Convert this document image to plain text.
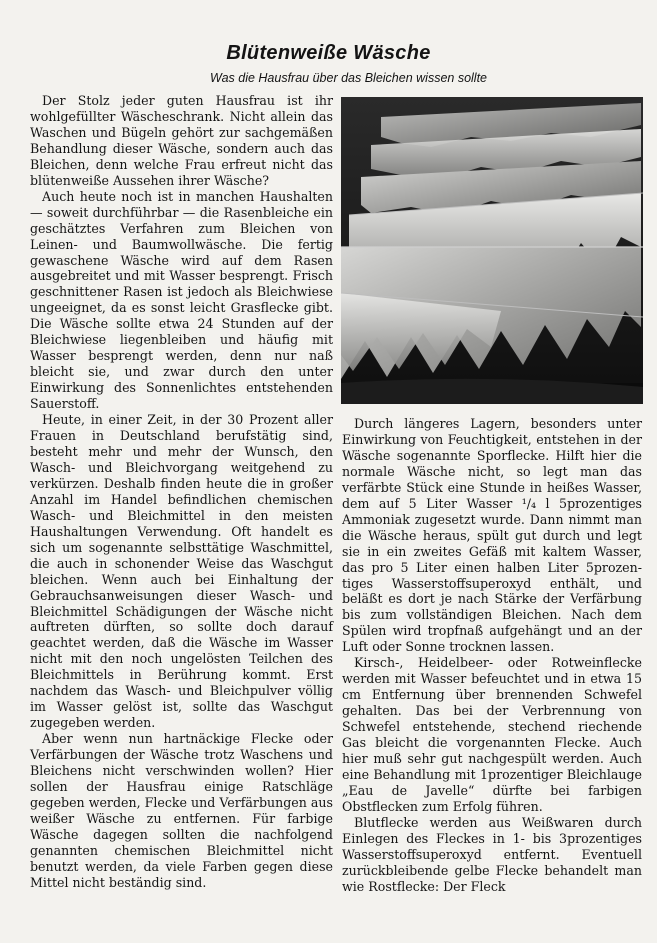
Blütenweiße Wäsche
Was die Hausfrau über das Bleichen wissen sollte

Der Stolz jeder guten Hausfrau ist ihr wohlgefüllter Wäscheschrank. Nicht allein das Waschen und Bügeln gehört zur sachgemäßen Behandlung dieser Wäsche, sondern auch das Bleichen, denn welche Frau erfreut nicht das blütenweiße Aussehen ihrer Wäsche?

Auch heute noch ist in manchen Haushalten — soweit durchführbar — die Rasenbleiche ein geschätztes Verfahren zum Bleichen von Leinen- und Baumwollwäsche. Die fertig gewaschene Wäsche wird auf dem Rasen ausgebreitet und mit Wasser besprengt. Frisch geschnittener Rasen ist jedoch als Bleichwiese ungeeignet, da es sonst leicht Grasflecke gibt. Die Wäsche sollte etwa 24 Stunden auf der Bleichwiese liegenbleiben und häufig mit Wasser besprengt werden, denn nur naß bleicht sie, und zwar durch den unter Einwirkung des Sonnenlichtes entstehenden Sauerstoff.

Heute, in einer Zeit, in der 30 Prozent aller Frauen in Deutschland berufstätig sind, besteht mehr und mehr der Wunsch, den Wasch- und Bleichvorgang weitgehend zu verkürzen. Deshalb finden heute die in großer Anzahl im Handel befindlichen chemischen Wasch- und Bleichmittel in den meisten Haushaltungen Verwendung. Oft handelt es sich um sogenannte selbsttätige Waschmittel, die auch in schonender Weise das Waschgut bleichen. Wenn auch bei Einhaltung der Gebrauchsanweisungen dieser Wasch- und Bleichmittel Schädigungen der Wäsche nicht auftreten dürften, so sollte doch darauf geachtet werden, daß die Wäsche im Wasser nicht mit den noch ungelösten Teilchen des Bleichmittels in Berührung kommt. Erst nachdem das Wasch- und Bleichpulver völlig im Wasser gelöst ist, sollte das Waschgut zugegeben werden.

Aber wenn nun hartnäckige Flecke oder Verfärbungen der Wäsche trotz Waschens und Bleichens nicht verschwinden wollen? Hier sollen der Hausfrau einige Ratschläge gegeben werden, Flecke und Verfärbungen aus weißer Wäsche zu entfernen. Für farbige Wäsche dagegen sollten die nachfolgend genannten chemischen Bleichmittel nicht benutzt werden, da viele Farben gegen diese Mittel nicht beständig sind.

Durch längeres Lagern, besonders unter Einwirkung von Feuchtigkeit, entstehen in der Wäsche sogenannte Sporflecke. Hilft hier die normale Wäsche nicht, so legt man das verfärbte Stück eine Stunde in heißes Wasser, dem auf 5 Liter Wasser ¹/₄ l 5prozentiges Ammoniak zugesetzt wurde. Dann nimmt man die Wäsche heraus, spült gut durch und legt sie in ein zweites Gefäß mit kaltem Wasser, das pro 5 Liter einen halben Liter 5prozentiges Wasserstoffsuperoxyd enthält, und beläßt es dort je nach Stärke der Verfärbung bis zum vollständigen Bleichen. Nach dem Spülen wird tropfnaß aufgehängt und an der Luft oder Sonne trocknen lassen.

Kirsch-, Heidelbeer- oder Rotweinflecke werden mit Wasser befeuchtet und in etwa 15 cm Entfernung über brennenden Schwefel gehalten. Das bei der Verbrennung von Schwefel entstehende, stechend riechende Gas bleicht die vorgenannten Flecke. Auch hier muß sehr gut nachgespült werden. Auch eine Behandlung mit 1prozentiger Bleichlauge „Eau de Javelle“ dürfte bei farbigen Obstflecken zum Erfolg führen.

Blutflecke werden aus Weißwaren durch Einlegen des Fleckes in 1- bis 3prozentiges Wasserstoffsuperoxyd entfernt. Eventuell zurückbleibende gelbe Flecke behandelt man wie Rostflecke: Der Fleck
